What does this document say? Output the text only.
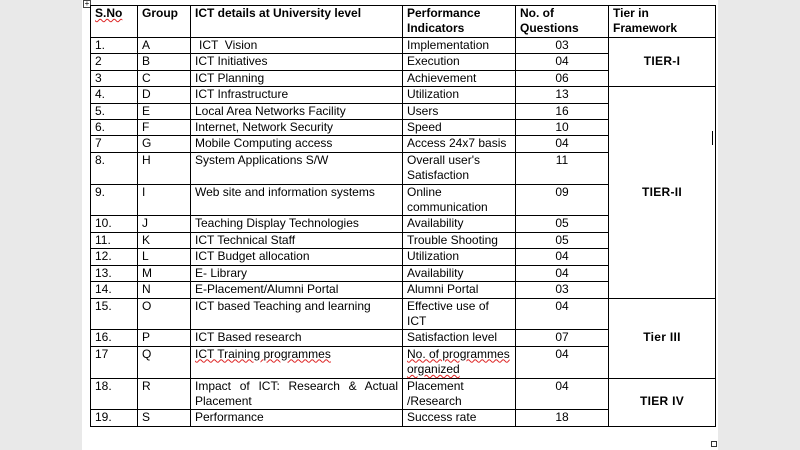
+
S.No	Group	ICT details at University level	Performance Indicators	No. of Questions	Tier in Framework
1.	A	ICT  Vision	Implementation	03	TIER-I
2	B	ICT Initiatives	Execution	04	
3	C	ICT Planning	Achievement	06	
4.	D	ICT Infrastructure	Utilization	13	TIER-II
5.	E	Local Area Networks Facility	Users	16	
6.	F	Internet, Network Security	Speed	10	
7	G	Mobile Computing access	Access 24x7 basis	04	
8.	H	System Applications S/W	Overall user's Satisfaction	11	
9.	I	Web site and information systems	Online communication	09	
10.	J	Teaching Display Technologies	Availability	05	
11.	K	ICT Technical Staff	Trouble Shooting	05	
12.	L	ICT Budget allocation	Utilization	04	
13.	M	E- Library	Availability	04	
14.	N	E-Placement/Alumni Portal	Alumni Portal	03	
15.	O	ICT based Teaching and learning	Effective use of ICT	04	Tier III
16.	P	ICT Based research	Satisfaction level	07	
17	Q	ICT Training programmes	No. of programmes organized	04	
18.	R	Impact of ICT: Research & Actual Placement	Placement /Research	04	TIER IV
19.	S	Performance	Success rate	18	
